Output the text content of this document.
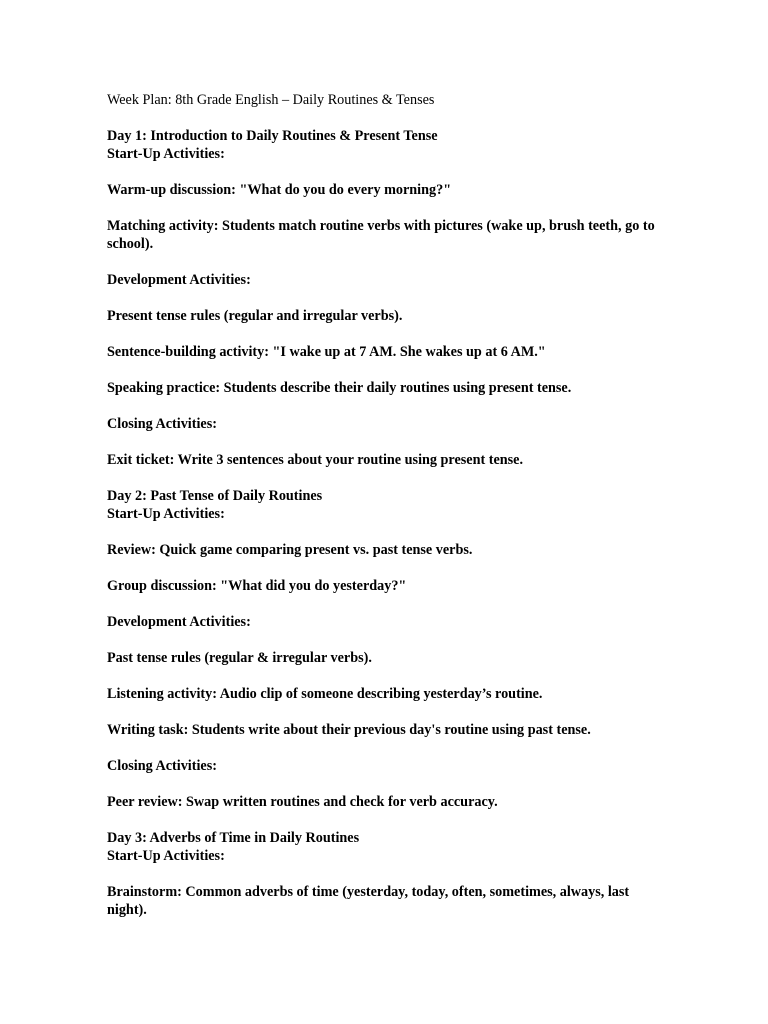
Week Plan: 8th Grade English – Daily Routines & Tenses

Day 1: Introduction to Daily Routines & Present Tense

Start-Up Activities:

Warm-up discussion: "What do you do every morning?"

Matching activity: Students match routine verbs with pictures (wake up, brush teeth, go to school).

Development Activities:

Present tense rules (regular and irregular verbs).

Sentence-building activity: "I wake up at 7 AM. She wakes up at 6 AM."

Speaking practice: Students describe their daily routines using present tense.

Closing Activities:

Exit ticket: Write 3 sentences about your routine using present tense.

Day 2: Past Tense of Daily Routines

Start-Up Activities:

Review: Quick game comparing present vs. past tense verbs.

Group discussion: "What did you do yesterday?"

Development Activities:

Past tense rules (regular & irregular verbs).

Listening activity: Audio clip of someone describing yesterday’s routine.

Writing task: Students write about their previous day's routine using past tense.

Closing Activities:

Peer review: Swap written routines and check for verb accuracy.

Day 3: Adverbs of Time in Daily Routines

Start-Up Activities:

Brainstorm: Common adverbs of time (yesterday, today, often, sometimes, always, last night).
